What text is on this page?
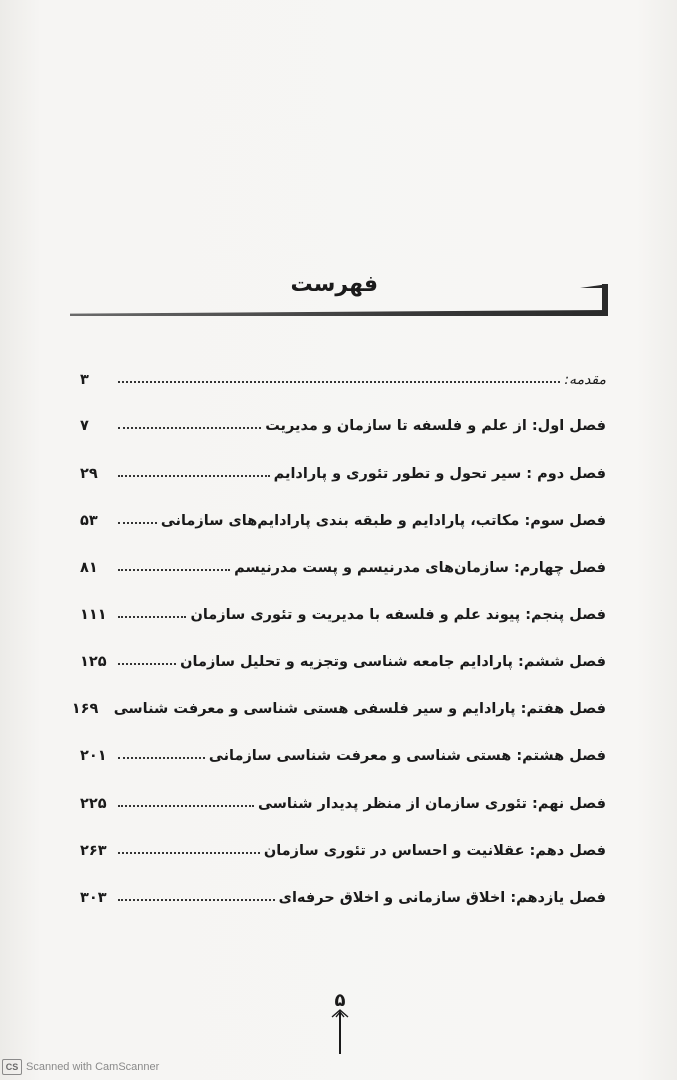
فهرست
مقدمه:
۳
فصل اول: از علم و فلسفه تا سازمان و مدیریت
۷
فصل دوم : سیر تحول و تطور تئوری و پارادایم
۲۹
فصل سوم: مکاتب، پارادایم و طبقه بندی پارادایم‌های سازمانی
۵۳
فصل چهارم: سازمان‌های مدرنیسم و پست مدرنیسم
۸۱
فصل پنجم: پیوند علم و فلسفه با مدیریت و تئوری سازمان
۱۱۱
فصل ششم: پارادایم جامعه شناسی وتجزیه و تحلیل سازمان
۱۲۵
فصل هفتم: پارادایم و سیر فلسفی هستی شناسی و معرفت شناسی
۱۶۹
فصل هشتم: هستی شناسی و معرفت شناسی سازمانی
۲۰۱
فصل نهم: تئوری سازمان از منظر پدیدار شناسی
۲۲۵
فصل دهم: عقلانیت و احساس در تئوری سازمان
۲۶۳
فصل یازدهم: اخلاق سازمانی و اخلاق حرفه‌ای
۳۰۳
۵
CS Scanned with CamScanner
